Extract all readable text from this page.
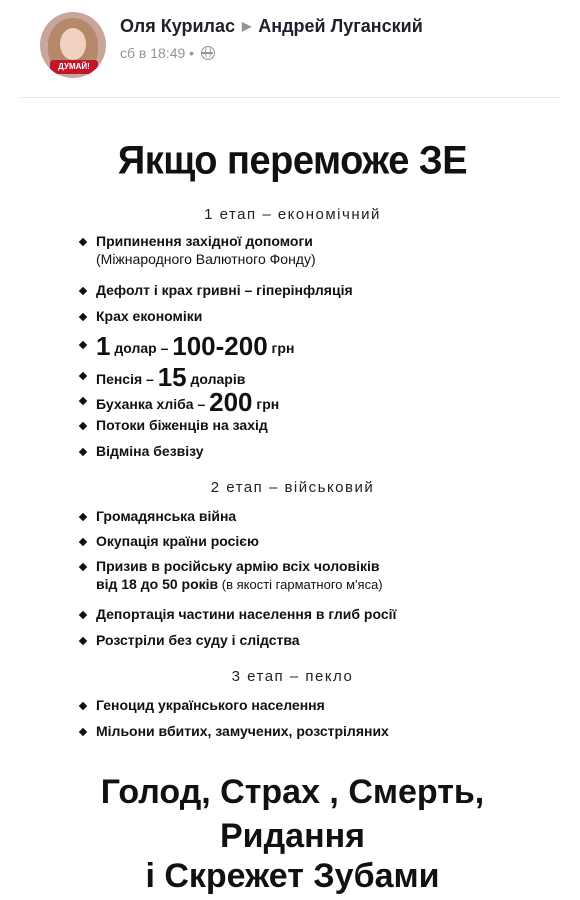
ДУМАЙ!
Оля Курилас ▶ Андрей Луганский
сб в 18:49 •
Якщо переможе ЗЕ
1 етап – економічний
Припинення західної допомоги
(Міжнародного Валютного Фонду)
Дефолт і крах гривні – гіперінфляція
Крах економіки
1 долар – 100-200 грн
Пенсія – 15 доларів
Буханка хліба – 200 грн
Потоки біженців на захід
Відміна безвізу
2 етап – військовий
Громадянська війна
Окупація країни росією
Призив в російську армію всіх чоловіків
від 18 до 50 років (в якості гарматного м'яса)
Депортація частини населення в глиб росії
Розстріли без суду і слідства
3 етап – пекло
Геноцид українського населення
Мільони вбитих, замучених, розстріляних
Голод, Страх , Смерть,
Ридання
і Скрежет Зубами
